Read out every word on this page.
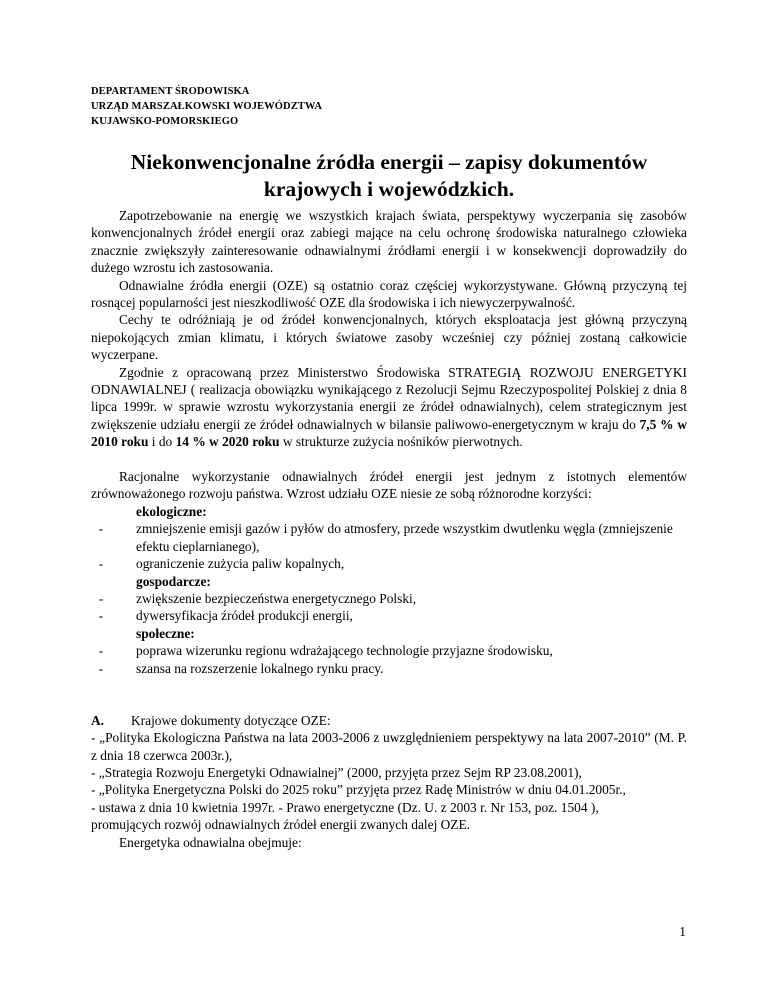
DEPARTAMENT ŚRODOWISKA
URZĄD MARSZAŁKOWSKI WOJEWÓDZTWA
KUJAWSKO-POMORSKIEGO
Niekonwencjonalne źródła energii – zapisy dokumentów
krajowych i wojewódzkich.

Zapotrzebowanie na energię we wszystkich krajach świata, perspektywy wyczerpania się zasobów konwencjonalnych źródeł energii oraz zabiegi mające na celu ochronę środowiska naturalnego człowieka znacznie zwiększyły zainteresowanie odnawialnymi źródłami energii i w konsekwencji doprowadziły do dużego wzrostu ich zastosowania.

Odnawialne źródła energii (OZE) są ostatnio coraz częściej wykorzystywane. Główną przyczyną tej rosnącej popularności jest nieszkodliwość OZE dla środowiska i ich niewyczerpywalność.

Cechy te odróżniają je od źródeł konwencjonalnych, których eksploatacja jest główną przyczyną niepokojących zmian klimatu, i których światowe zasoby wcześniej czy później zostaną całkowicie wyczerpane.

Zgodnie z opracowaną przez Ministerstwo Środowiska STRATEGIĄ ROZWOJU ENERGETYKI ODNAWIALNEJ ( realizacja obowiązku wynikającego z Rezolucji Sejmu Rzeczypospolitej Polskiej z dnia 8 lipca 1999r. w sprawie wzrostu wykorzystania energii ze źródeł odnawialnych), celem strategicznym jest zwiększenie udziału energii ze źródeł odnawialnych w bilansie paliwowo-energetycznym w kraju do 7,5 % w 2010 roku i do 14 % w 2020 roku w strukturze zużycia nośników pierwotnych.

Racjonalne wykorzystanie odnawialnych źródeł energii jest jednym z istotnych elementów zrównoważonego rozwoju państwa. Wzrost udziału OZE niesie ze sobą różnorodne korzyści:

ekologiczne:
-	zmniejszenie emisji gazów i pyłów do atmosfery, przede wszystkim dwutlenku węgla (zmniejszenie efektu cieplarnianego),
-	ograniczenie zużycia paliw kopalnych,
gospodarcze:
-	zwiększenie bezpieczeństwa energetycznego Polski,
-	dywersyfikacja źródeł produkcji energii,
społeczne:
-	poprawa wizerunku regionu wdrażającego technologie przyjazne środowisku,
-	szansa na rozszerzenie lokalnego rynku pracy.

A. Krajowe dokumenty dotyczące OZE:

- „Polityka Ekologiczna Państwa na lata 2003-2006 z uwzględnieniem perspektywy na lata 2007-2010” (M. P. z dnia 18 czerwca 2003r.),

- „Strategia Rozwoju Energetyki Odnawialnej” (2000, przyjęta przez Sejm RP 23.08.2001),

- „Polityka Energetyczna Polski do 2025 roku” przyjęta przez Radę Ministrów w dniu 04.01.2005r.,

- ustawa z dnia 10 kwietnia 1997r. - Prawo energetyczne (Dz. U. z 2003 r. Nr 153, poz. 1504 ),

promujących rozwój odnawialnych źródeł energii zwanych dalej OZE.

Energetyka odnawialna obejmuje:

1
